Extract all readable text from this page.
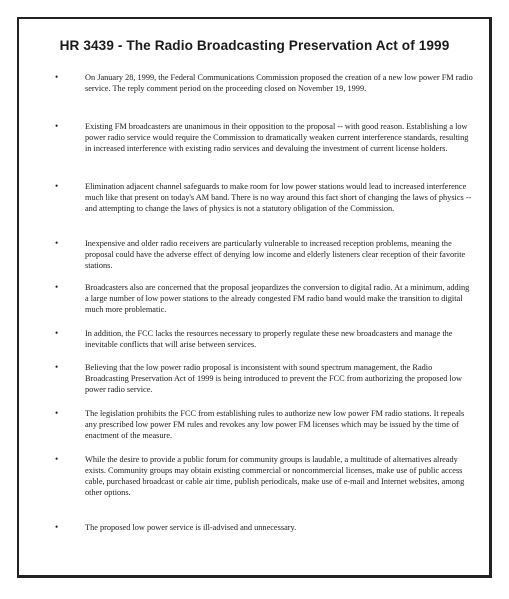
HR 3439 - The Radio Broadcasting Preservation Act of 1999
•	On January 28, 1999, the Federal Communications Commission proposed the creation of a new low power FM radio service. The reply comment period on the proceeding closed on November 19, 1999.
•	Existing FM broadcasters are unanimous in their opposition to the proposal -- with good reason. Establishing a low power radio service would require the Commission to dramatically weaken current interference standards, resulting in increased interference with existing radio services and devaluing the investment of current license holders.
•	Elimination adjacent channel safeguards to make room for low power stations would lead to increased interference much like that present on today's AM band. There is no way around this fact short of changing the laws of physics -- and attempting to change the laws of physics is not a statutory obligation of the Commission.
•	Inexpensive and older radio receivers are particularly vulnerable to increased reception problems, meaning the proposal could have the adverse effect of denying low income and elderly listeners clear reception of their favorite stations.
•	Broadcasters also are concerned that the proposal jeopardizes the conversion to digital radio. At a minimum, adding a large number of low power stations to the already congested FM radio band would make the transition to digital much more problematic.
•	In addition, the FCC lacks the resources necessary to properly regulate these new broadcasters and manage the inevitable conflicts that will arise between services.
•	Believing that the low power radio proposal is inconsistent with sound spectrum management, the Radio Broadcasting Preservation Act of 1999 is being introduced to prevent the FCC from authorizing the proposed low power radio service.
•	The legislation prohibits the FCC from establishing rules to authorize new low power FM radio stations. It repeals any prescribed low power FM rules and revokes any low power FM licenses which may be issued by the time of enactment of the measure.
•	While the desire to provide a public forum for community groups is laudable, a multitude of alternatives already exists. Community groups may obtain existing commercial or noncommercial licenses, make use of public access cable, purchased broadcast or cable air time, publish periodicals, make use of e-mail and Internet websites, among other options.
•	The proposed low power service is ill-advised and unnecessary.
